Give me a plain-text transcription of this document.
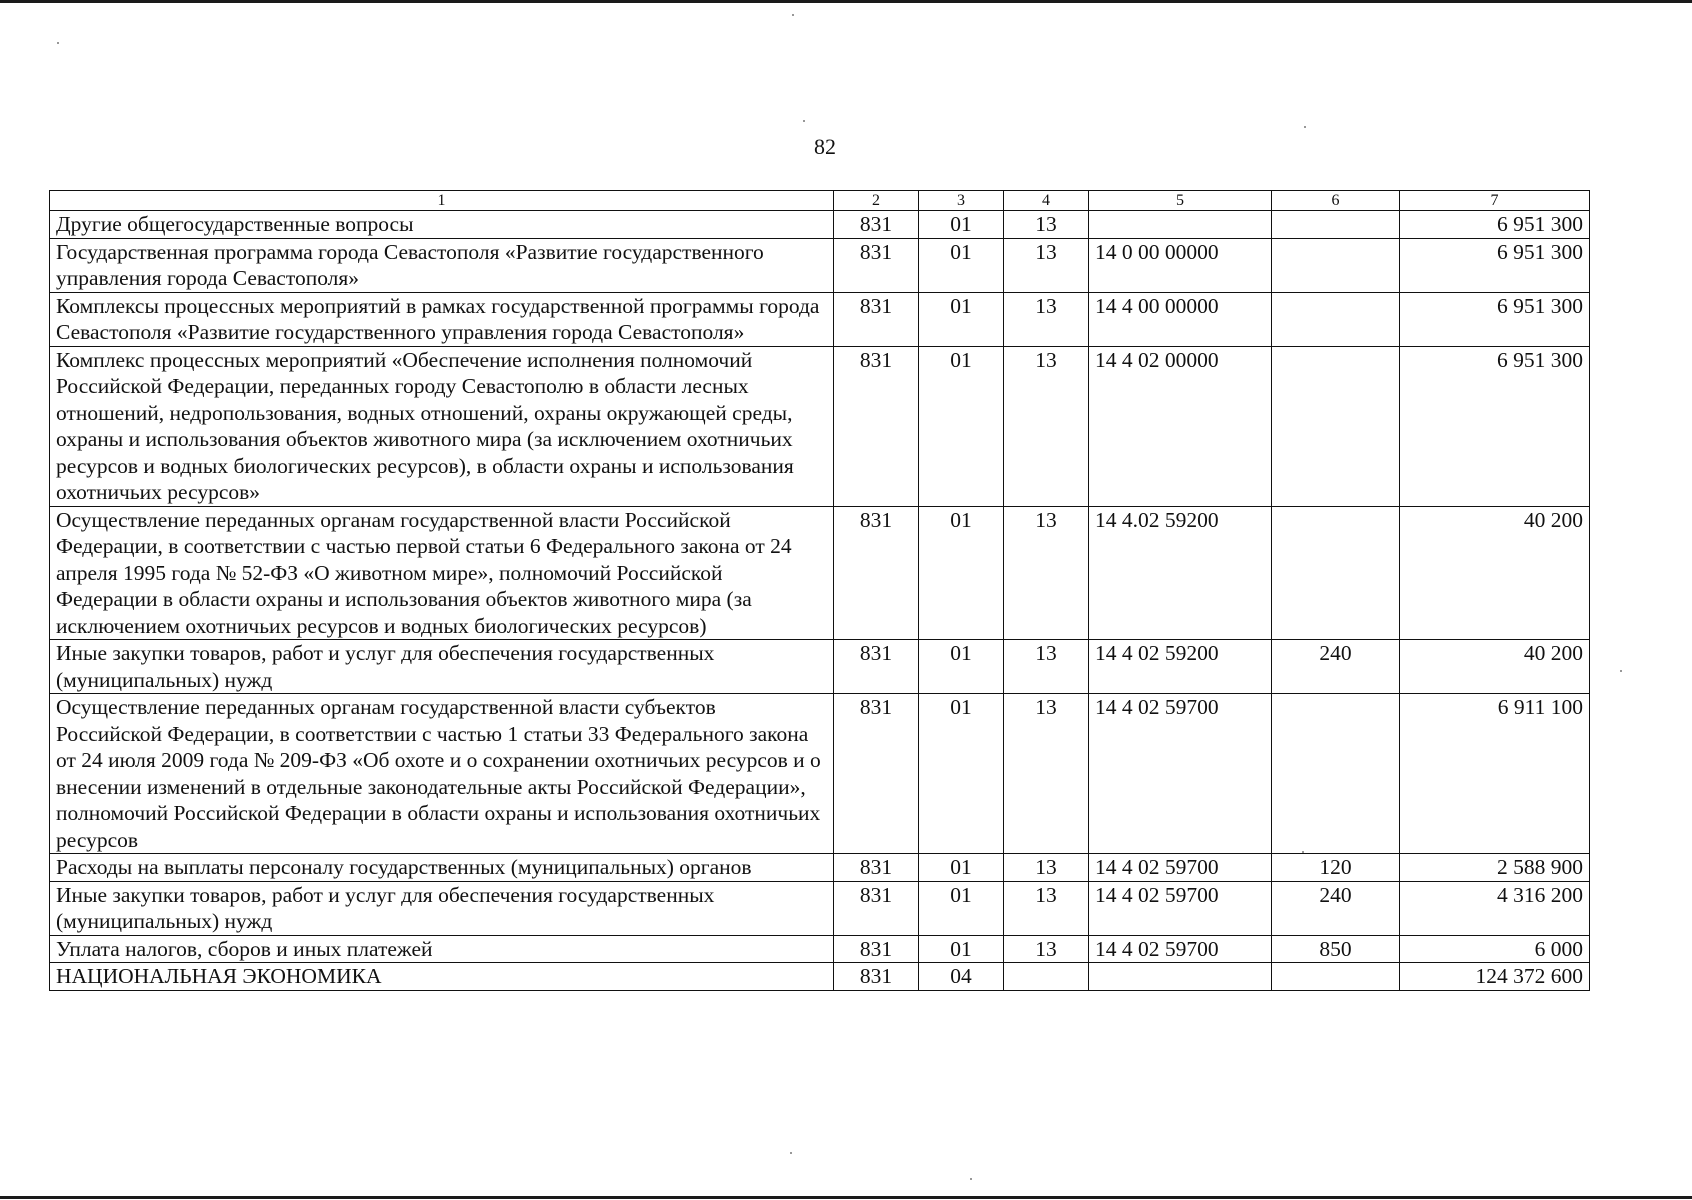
82
1	2	3	4	5	6	7
Другие общегосударственные вопросы	831	01	13			6 951 300
Государственная программа города Севастополя «Развитие государственного управления города Севастополя»	831	01	13	14 0 00 00000		6 951 300
Комплексы процессных мероприятий в рамках государственной программы города Севастополя «Развитие государственного управления города Севастополя»	831	01	13	14 4 00 00000		6 951 300
Комплекс процессных мероприятий «Обеспечение исполнения полномочий Российской Федерации, переданных городу Севастополю в области лесных отношений, недропользования, водных отношений, охраны окружающей среды, охраны и использования объектов животного мира (за исключением охотничьих ресурсов и водных биологических ресурсов), в области охраны и использования охотничьих ресурсов»	831	01	13	14 4 02 00000		6 951 300
Осуществление переданных органам государственной власти Российской Федерации, в соответствии с частью первой статьи 6 Федерального закона от 24 апреля 1995 года № 52-ФЗ «О животном мире», полномочий Российской Федерации в области охраны и использования объектов животного мира (за исключением охотничьих ресурсов и водных биологических ресурсов)	831	01	13	14 4.02 59200		40 200
Иные закупки товаров, работ и услуг для обеспечения государственных (муниципальных) нужд	831	01	13	14 4 02 59200	240	40 200
Осуществление переданных органам государственной власти субъектов Российской Федерации, в соответствии с частью 1 статьи 33 Федерального закона от 24 июля 2009 года № 209-ФЗ «Об охоте и о сохранении охотничьих ресурсов и о внесении изменений в отдельные законодательные акты Российской Федерации», полномочий Российской Федерации в области охраны и использования охотничьих ресурсов	831	01	13	14 4 02 59700		6 911 100
Расходы на выплаты персоналу государственных (муниципальных) органов	831	01	13	14 4 02 59700	120	2 588 900
Иные закупки товаров, работ и услуг для обеспечения государственных (муниципальных) нужд	831	01	13	14 4 02 59700	240	4 316 200
Уплата налогов, сборов и иных платежей	831	01	13	14 4 02 59700	850	6 000
НАЦИОНАЛЬНАЯ ЭКОНОМИКА	831	04				124 372 600
